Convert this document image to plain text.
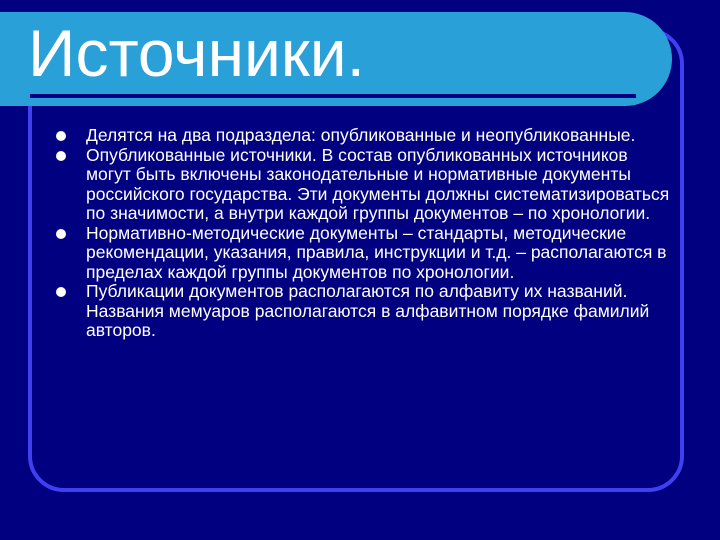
Источники.
Делятся на два подраздела: опубликованные и неопубликованные.
Опубликованные источники. В состав опубликованных источников могут быть включены законодательные и нормативные документы российского государства. Эти документы должны систематизироваться по значимости, а внутри каждой группы документов – по хронологии.
Нормативно-методические документы – стандарты, методические рекомендации, указания, правила, инструкции и т.д. – располагаются в пределах каждой группы документов по хронологии.
Публикации документов располагаются по алфавиту их названий. Названия мемуаров располагаются в алфавитном порядке фамилий авторов.
